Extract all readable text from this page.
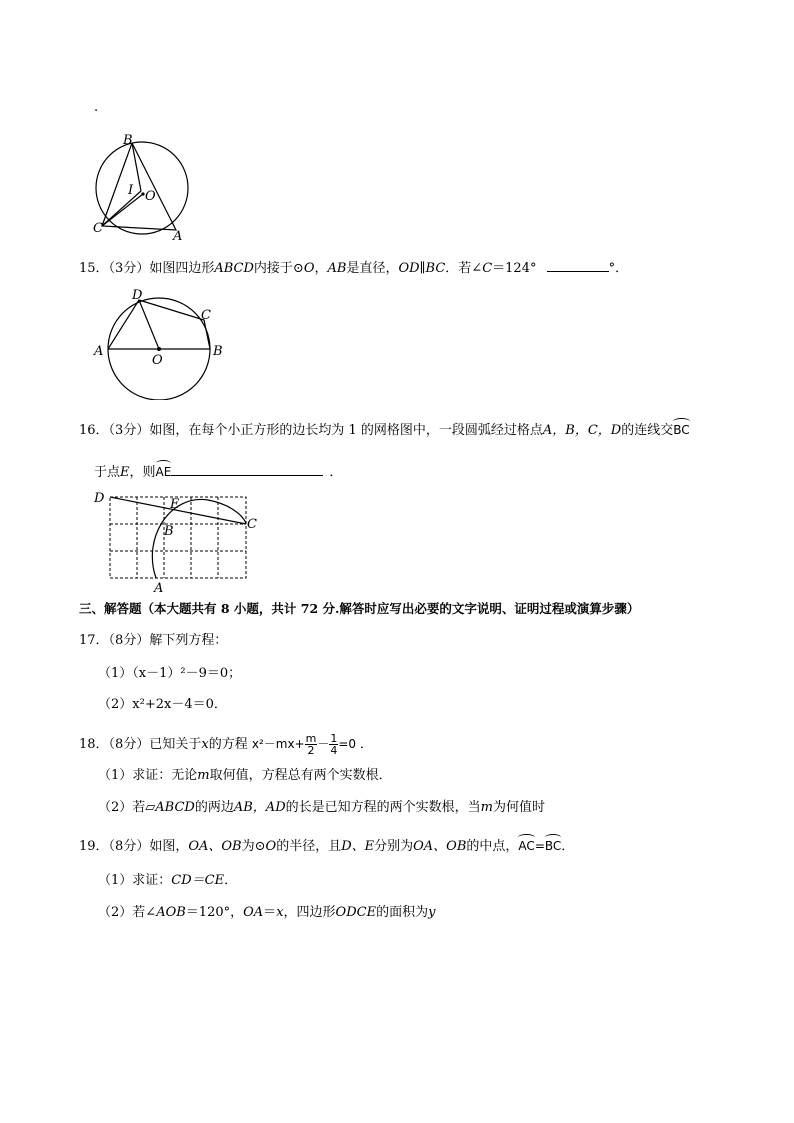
.
B
I O
C
A
15．（3分）如图四边形ABCD内接于⊙O，AB是直径，OD∥BC．若∠C＝124°	°．
D
C
A
O
B
16．（3分）如图，在每个小正方形的边长均为 1 的网格图中，一段圆弧经过格点A，B，C，D的连线交BC
于点E，则AE	．
D	E
B	C
A
三、解答题（本大题共有 8 小题，共计 72 分.解答时应写出必要的文字说明、证明过程或演算步骤）
17．（8分）解下列方程：
（1）（x－1）²－9＝0；
（2）x²+2x－4＝0．
18．（8分）已知关于x的方程 $x^2-mx+ \frac{m}{2} - \frac{1}{4} =0$ ．
（1）求证：无论m取何值，方程总有两个实数根．
（2）若▱ABCD的两边AB，AD的长是已知方程的两个实数根，当m为何值时
19．（8分）如图，OA、OB为⊙O的半径，且D、E分别为OA、OB的中点，AC=BC．
（1）求证：CD＝CE．
（2）若∠AOB＝120°，OA＝x，四边形ODCE的面积为y
